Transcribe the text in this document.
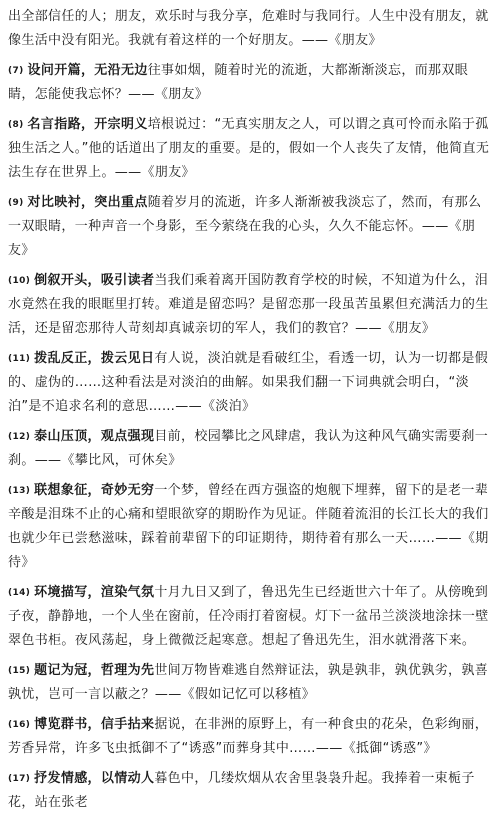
出全部信任的人；朋友，欢乐时与我分享，危难时与我同行。人生中没有朋友，就像生活中没有阳光。我就有着这样的一个好朋友。——《朋友》

(7) 设问开篇，无沿无边往事如烟，随着时光的流逝，大都渐渐淡忘，而那双眼睛，怎能使我忘怀？——《朋友》

(8) 名言指路，开宗明义培根说过：“无真实朋友之人，可以谓之真可怜而永陷于孤独生活之人。”他的话道出了朋友的重要。是的，假如一个人丧失了友情，他简直无法生存在世界上。——《朋友》

(9) 对比映衬，突出重点随着岁月的流逝，许多人渐渐被我淡忘了，然而，有那么一双眼睛，一种声音一个身影，至今萦绕在我的心头，久久不能忘怀。——《朋友》

(10) 倒叙开头，吸引读者当我们乘着离开国防教育学校的时候，不知道为什么，泪水竟然在我的眼眶里打转。难道是留恋吗？是留恋那一段虽苦虽累但充满活力的生活，还是留恋那待人苛刻却真诚亲切的军人，我们的教官？——《朋友》

(11) 拨乱反正，拨云见日有人说，淡泊就是看破红尘，看透一切，认为一切都是假的、虚伪的……这种看法是对淡泊的曲解。如果我们翻一下词典就会明白，“淡泊”是不追求名利的意思……——《淡泊》

(12) 泰山压顶，观点强现目前，校园攀比之风肆虐，我认为这种风气确实需要刹一刹。——《攀比风，可休矣》

(13) 联想象征，奇妙无穷一个梦，曾经在西方强盗的炮舰下埋葬，留下的是老一辈辛酸是泪珠不止的心痛和望眼欲穿的期盼作为见证。伴随着流泪的长江长大的我们也就少年已尝愁滋味，踩着前辈留下的印证期待，期待着有那么一天……——《期待》

(14) 环境描写，渲染气氛十月九日又到了，鲁迅先生已经逝世六十年了。从傍晚到子夜，静静地，一个人坐在窗前，任冷雨打着窗棂。灯下一盆吊兰淡淡地涂抹一壁翠色书柜。夜风荡起，身上微微泛起寒意。想起了鲁迅先生，泪水就滑落下来。

(15) 题记为冠，哲理为先世间万物皆难逃自然辩证法，孰是孰非，孰优孰劣，孰喜孰忧，岂可一言以蔽之？——《假如记忆可以移植》

(16) 博览群书，信手拈来据说，在非洲的原野上，有一种食虫的花朵，色彩绚丽，芳香异常，许多飞虫抵御不了“诱惑”而葬身其中……——《抵御“诱惑”》

(17) 抒发情感，以情动人暮色中，几缕炊烟从农舍里袅袅升起。我捧着一束栀子花，站在张老
